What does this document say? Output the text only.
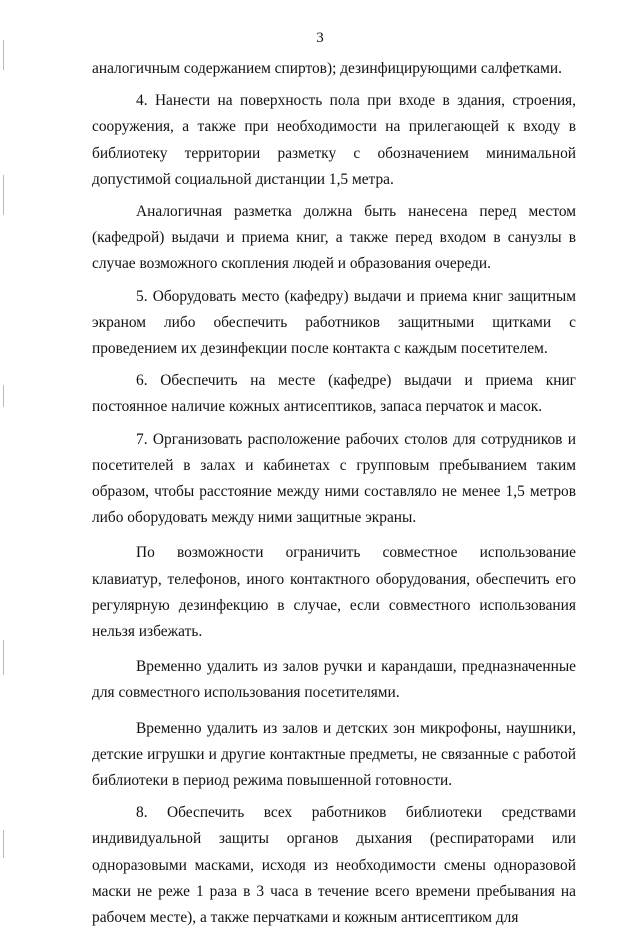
3

аналогичным содержанием спиртов); дезинфицирующими салфетками.

4. Нанести на поверхность пола при входе в здания, строения, сооружения, а также при необходимости на прилегающей к входу в библиотеку территории разметку с обозначением минимальной допустимой социальной дистанции 1,5 метра.

Аналогичная разметка должна быть нанесена перед местом (кафедрой) выдачи и приема книг, а также перед входом в санузлы в случае возможного скопления людей и образования очереди.

5. Оборудовать место (кафедру) выдачи и приема книг защитным экраном либо обеспечить работников защитными щитками с проведением их дезинфекции после контакта с каждым посетителем.

6. Обеспечить на месте (кафедре) выдачи и приема книг постоянное наличие кожных антисептиков, запаса перчаток и масок.

7. Организовать расположение рабочих столов для сотрудников и посетителей в залах и кабинетах с групповым пребыванием таким образом, чтобы расстояние между ними составляло не менее 1,5 метров либо оборудовать между ними защитные экраны.

По возможности ограничить совместное использование клавиатур, телефонов, иного контактного оборудования, обеспечить его регулярную дезинфекцию в случае, если совместного использования нельзя избежать.

Временно удалить из залов ручки и карандаши, предназначенные для совместного использования посетителями.

Временно удалить из залов и детских зон микрофоны, наушники, детские игрушки и другие контактные предметы, не связанные с работой библиотеки в период режима повышенной готовности.

8. Обеспечить всех работников библиотеки средствами индивидуальной защиты органов дыхания (респираторами или одноразовыми масками, исходя из необходимости смены одноразовой маски не реже 1 раза в 3 часа в течение всего времени пребывания на рабочем месте), а также перчатками и кожным антисептиком для
